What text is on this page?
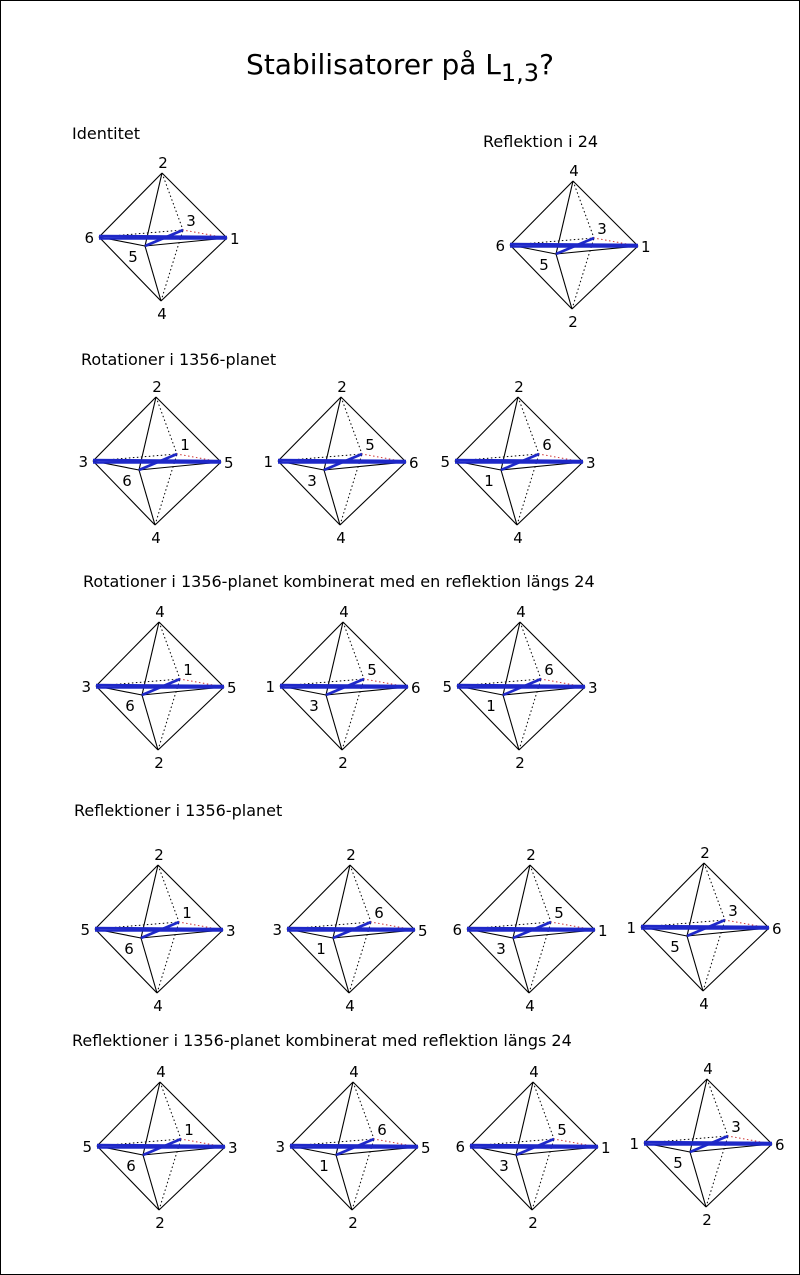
Stabilisatorer på $L_{1,3}$?
Identitet	Reflektion i 24
Rotationer i 1356-planet
Rotationer i 1356-planet kombinerat med en reflektion längs 24
Reflektioner i 1356-planet
Reflektioner i 1356-planet kombinerat med reflektion längs 24
2
4
6	1
5
3
4
2
6	1
5
3
2
4
3	5
6
1
2
4
1	6
3
5
2
4
5	3
1
6
4
2
3	5
6
1
4
2
1	6
3
5
4
2
5	3
1
6
2
4
5	3
6
1
2
4
3	5
1
6
2
4
6	1
3
5
2
4
1	6
5
3
4
2
5	3
6
1
4
2
3	5
1
6
4
2
6	1
3
5
4
2
1	6
5
3
